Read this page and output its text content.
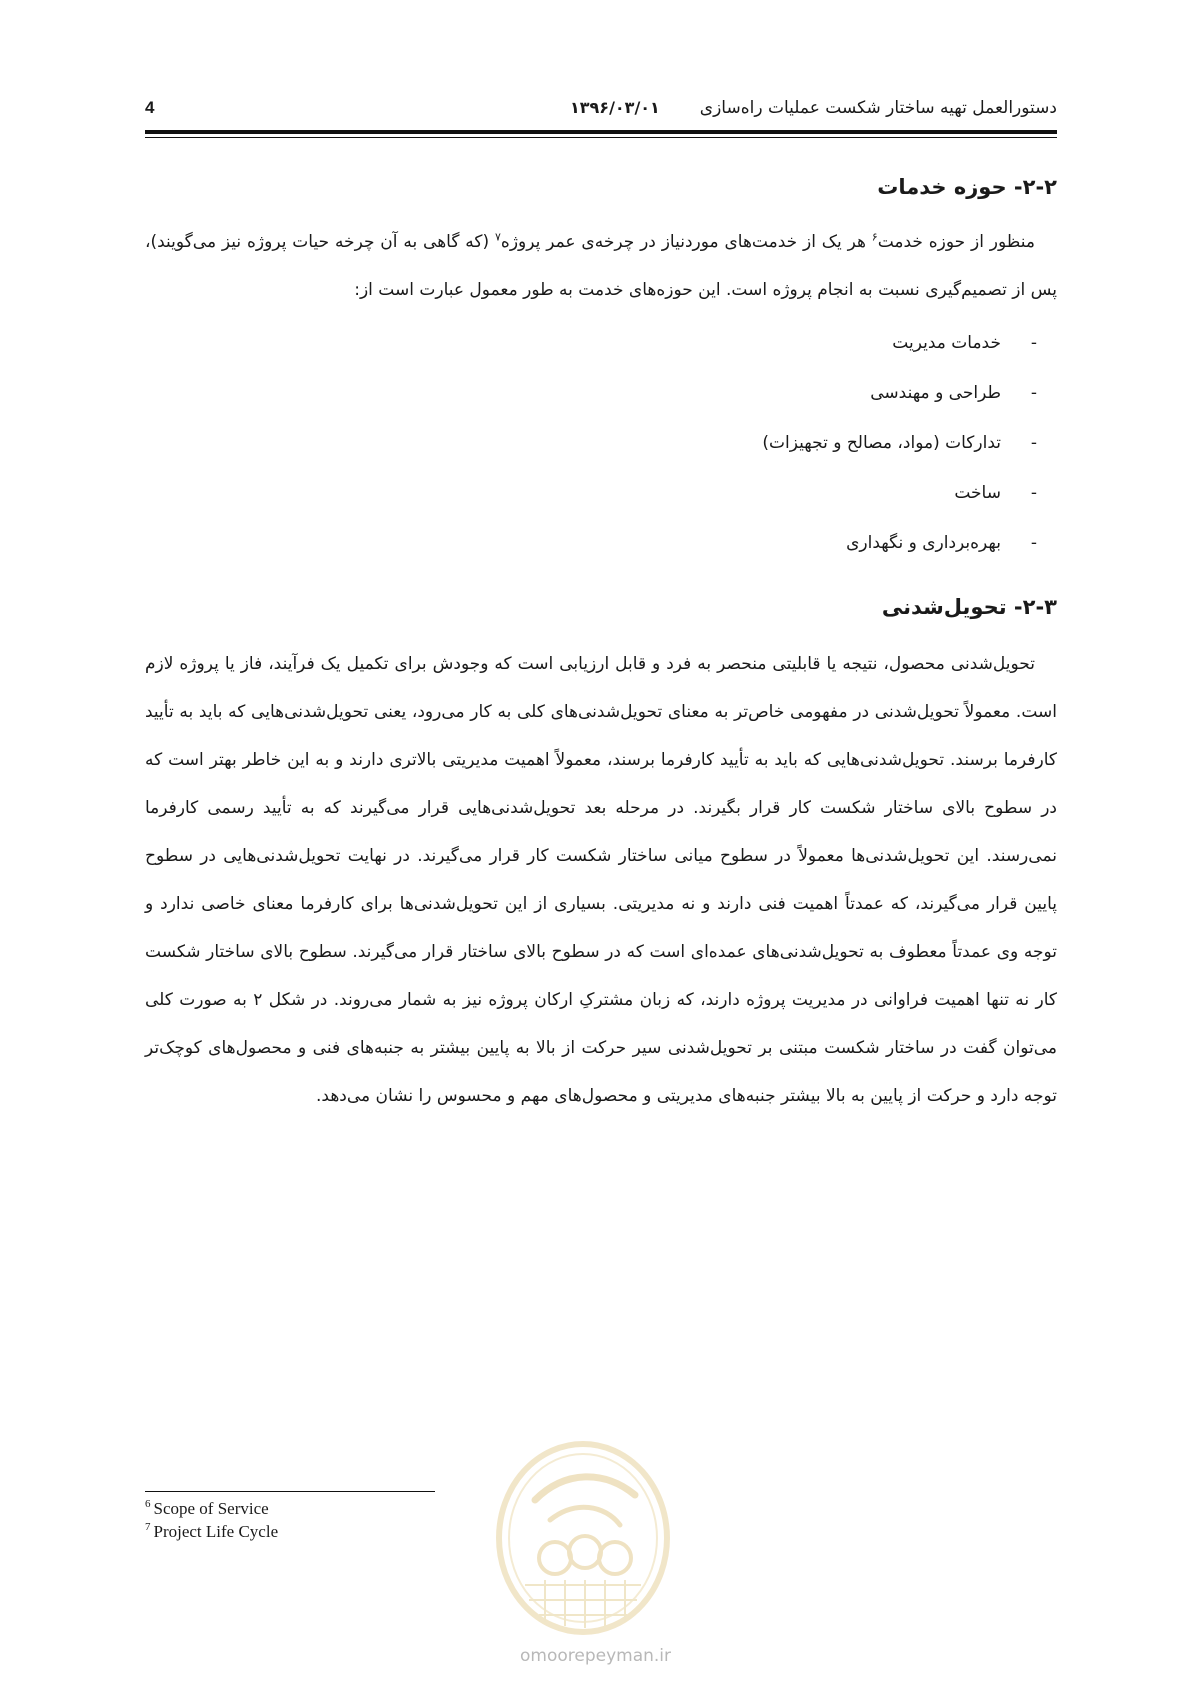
4	۱۳۹۶/۰۳/۰۱ دستورالعمل تهیه ساختار شکست عملیات راه‌سازی
۲-۲- حوزه خدمات

منظور از حوزه خدمت$^۶$ هر یک از خدمت‌های موردنیاز در چرخه‌ی عمر پروژه$^۷$ (که گاهی به آن چرخه حیات پروژه نیز می‌گویند)، پس از تصمیم‌گیری نسبت به انجام پروژه است. این حوزه‌های خدمت به طور معمول عبارت است از:

-خدمات مدیریت
-طراحی و مهندسی
-تدارکات (مواد، مصالح و تجهیزات)
-ساخت
-بهره‌برداری و نگهداری
۲-۳- تحویل‌شدنی

تحویل‌شدنی محصول، نتیجه یا قابلیتی منحصر به فرد و قابل ارزیابی است که وجودش برای تکمیل یک فرآیند، فاز یا پروژه لازم است. معمولاً تحویل‌شدنی در مفهومی خاص‌تر به معنای تحویل‌شدنی‌های کلی به کار می‌رود، یعنی تحویل‌شدنی‌هایی که باید به تأیید کارفرما برسند. تحویل‌شدنی‌هایی که باید به تأیید کارفرما برسند، معمولاً اهمیت مدیریتی بالاتری دارند و به این خاطر بهتر است که در سطوح بالای ساختار شکست کار قرار بگیرند. در مرحله بعد تحویل‌شدنی‌هایی قرار می‌گیرند که به تأیید رسمی کارفرما نمی‌رسند. این تحویل‌شدنی‌ها معمولاً در سطوح میانی ساختار شکست کار قرار می‌گیرند. در نهایت تحویل‌شدنی‌هایی در سطوح پایین قرار می‌گیرند، که عمدتاً اهمیت فنی دارند و نه مدیریتی. بسیاری از این تحویل‌شدنی‌ها برای کارفرما معنای خاصی ندارد و توجه وی عمدتاً معطوف به تحویل‌شدنی‌های عمده‌ای است که در سطوح بالای ساختار قرار می‌گیرند. سطوح بالای ساختار شکست کار نه تنها اهمیت فراوانی در مدیریت پروژه دارند، که زبان مشترکِ ارکان پروژه نیز به شمار می‌روند. در شکل ۲ به صورت کلی می‌توان گفت در ساختار شکست مبتنی بر تحویل‌شدنی سیر حرکت از بالا به پایین بیشتر به جنبه‌های فنی و محصول‌های کوچک‌تر توجه دارد و حرکت از پایین به بالا بیشتر جنبه‌های مدیریتی و محصول‌های مهم و محسوس را نشان می‌دهد.

$^6$ Scope of Service
$^7$ Project Life Cycle
omoorepeyman.ir
